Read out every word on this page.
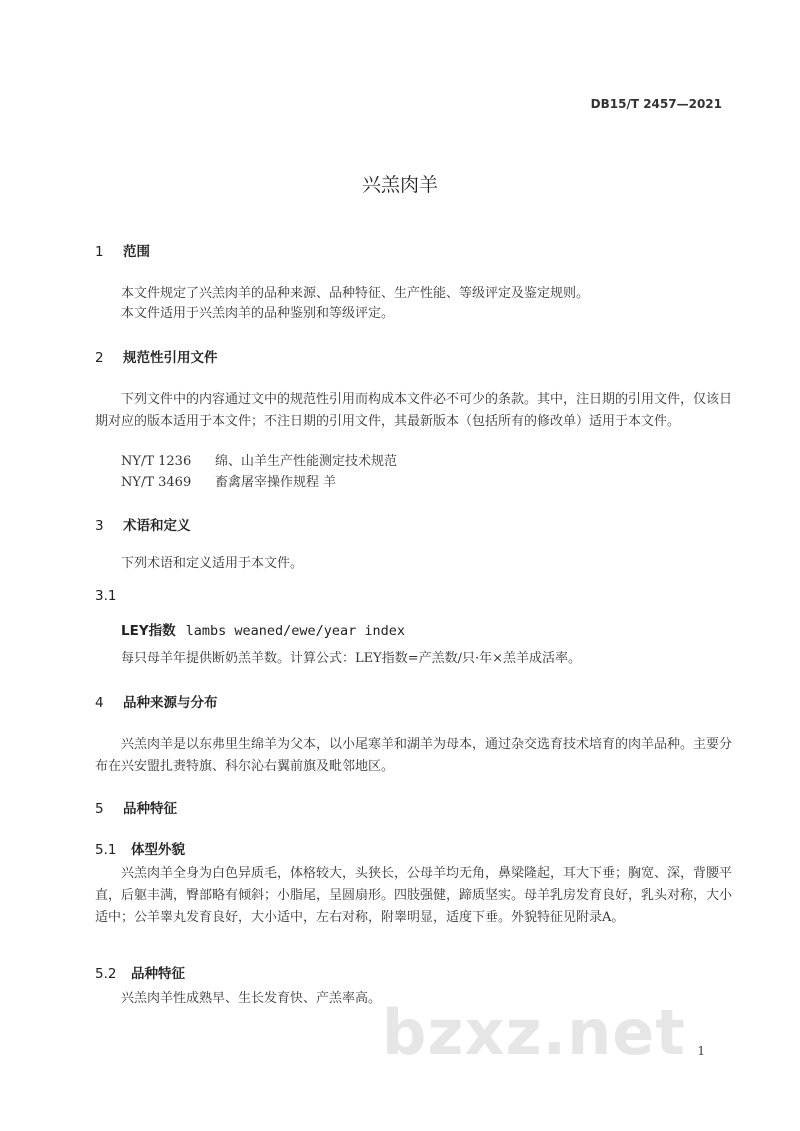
DB15/T 2457—2021
兴羔肉羊
1 范围
本文件规定了兴羔肉羊的品种来源、品种特征、生产性能、等级评定及鉴定规则。
本文件适用于兴羔肉羊的品种鉴别和等级评定。
2 规范性引用文件
下列文件中的内容通过文中的规范性引用而构成本文件必不可少的条款。其中，注日期的引用文件，仅该日期对应的版本适用于本文件；不注日期的引用文件，其最新版本（包括所有的修改单）适用于本文件。
NY/T 1236 绵、山羊生产性能测定技术规范
NY/T 3469 畜禽屠宰操作规程 羊
3 术语和定义
下列术语和定义适用于本文件。
3.1
LEY指数 lambs weaned/ewe/year index
每只母羊年提供断奶羔羊数。计算公式：LEY指数=产羔数/只·年×羔羊成活率。
4 品种来源与分布
兴羔肉羊是以东弗里生绵羊为父本，以小尾寒羊和湖羊为母本，通过杂交选育技术培育的肉羊品种。主要分布在兴安盟扎赉特旗、科尔沁右翼前旗及毗邻地区。
5 品种特征
5.1 体型外貌
兴羔肉羊全身为白色异质毛，体格较大，头狭长，公母羊均无角，鼻梁隆起，耳大下垂；胸宽、深，背腰平直，后躯丰满，臀部略有倾斜；小脂尾，呈圆扇形。四肢强健，蹄质坚实。母羊乳房发育良好，乳头对称，大小适中；公羊睾丸发育良好，大小适中，左右对称，附睾明显，适度下垂。外貌特征见附录A。
5.2 品种特征
兴羔肉羊性成熟早、生长发育快、产羔率高。 bzxz.net 1
